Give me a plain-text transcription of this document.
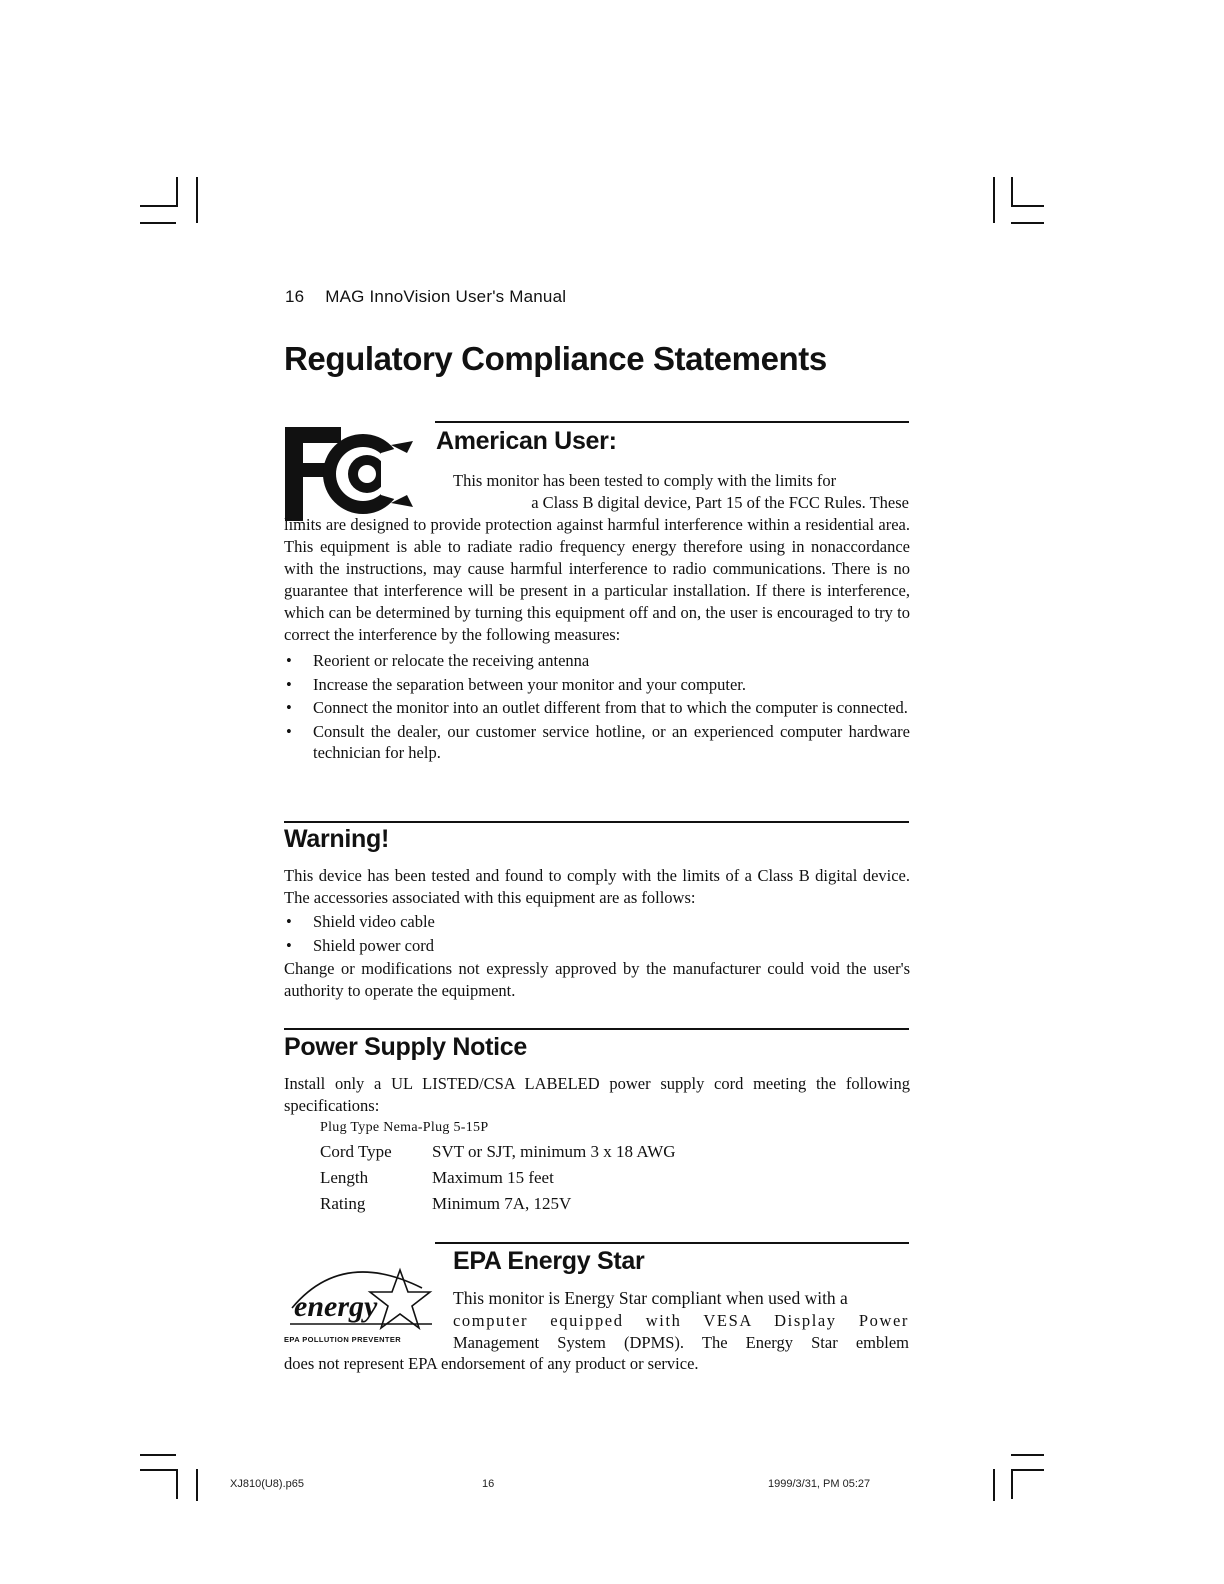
16 MAG InnoVision User's Manual
Regulatory Compliance Statements
American User:
This monitor has been tested to comply with the limits for
a Class B digital device, Part 15 of the FCC Rules. These

limits are designed to provide protection against harmful interference within a residential area. This equipment is able to radiate radio frequency energy therefore using in nonaccordance with the instructions, may cause harmful interference to radio communications. There is no guarantee that interference will be present in a particular installation. If there is interference, which can be determined by turning this equipment off and on, the user is encouraged to try to correct the interference by the following measures:

• Reorient or relocate the receiving antenna
• Increase the separation between your monitor and your computer.
• Connect the monitor into an outlet different from that to which the computer is connected.
• Consult the dealer, our customer service hotline, or an experienced computer hardware technician for help.
Warning!

This device has been tested and found to comply with the limits of a Class B digital device. The accessories associated with this equipment are as follows:

• Shield video cable
• Shield power cord

Change or modifications not expressly approved by the manufacturer could void the user's authority to operate the equipment.

Power Supply Notice
Install only a UL LISTED/CSA LABELED power supply cord meeting the following specifications:
Plug Type Nema-Plug 5-15P
Cord Type SVT or SJT, minimum 3 x 18 AWG
Length	Maximum 15 feet
Rating	Minimum 7A, 125V
energy
EPA POLLUTION PREVENTER
EPA Energy Star
This monitor is Energy Star compliant when used with a
computer equipped with VESA Display Power
Management System (DPMS). The Energy Star emblem
does not represent EPA endorsement of any product or service.
XJ810(U8).p65	16	1999/3/31, PM 05:27
